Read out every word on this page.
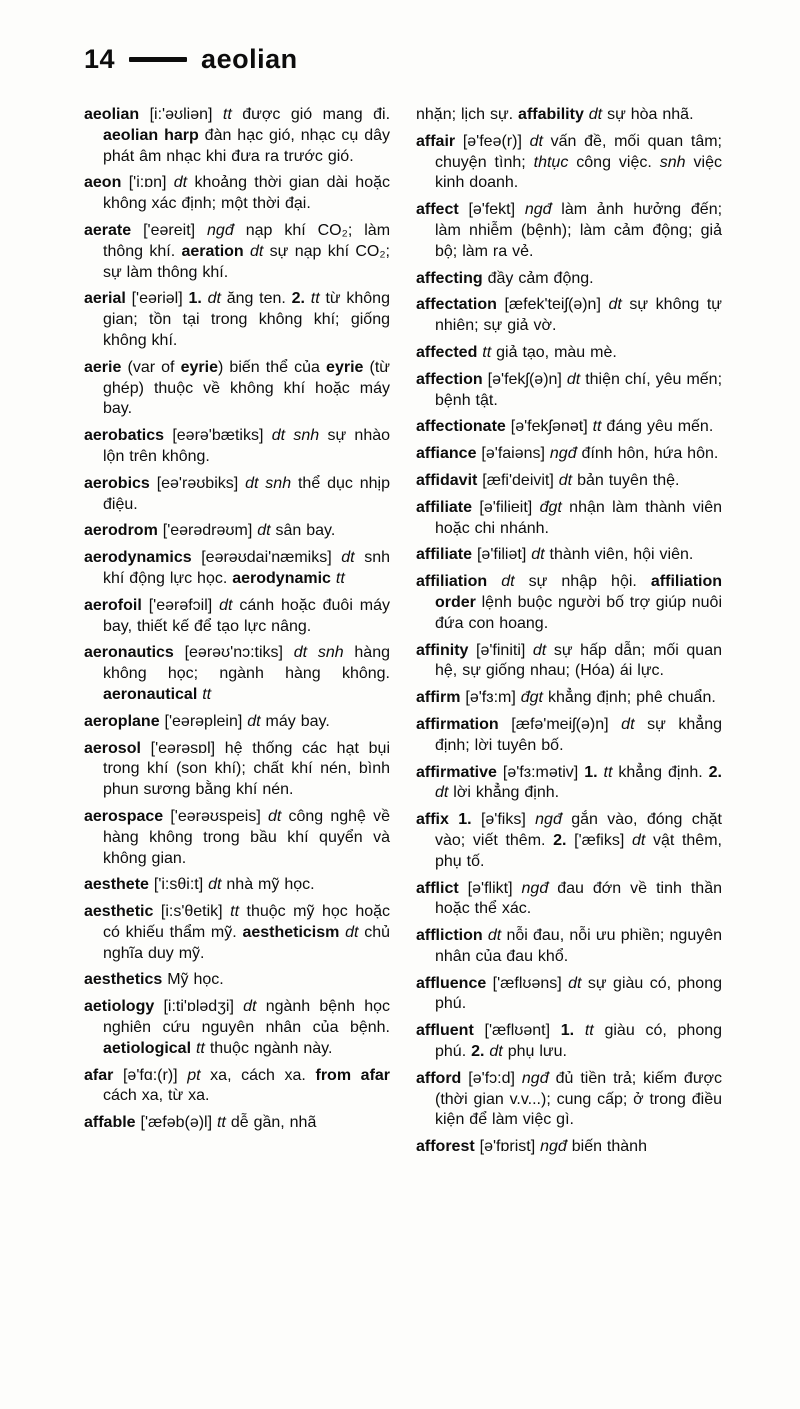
14	aeolian
aeolian [i:'əʊliən] tt được gió mang đi. aeolian harp đàn hạc gió, nhạc cụ dây phát âm nhạc khi đưa ra trước gió.
aeon ['i:ɒn] dt khoảng thời gian dài hoặc không xác định; một thời đại.
aerate ['eəreit] ngđ nạp khí CO₂; làm thông khí. aeration dt sự nạp khí CO₂; sự làm thông khí.
aerial ['eəriəl] 1. dt ăng ten. 2. tt từ không gian; tồn tại trong không khí; giống không khí.
aerie (var of eyrie) biến thể của eyrie (từ ghép) thuộc về không khí hoặc máy bay.
aerobatics [eərə'bætiks] dt snh sự nhào lộn trên không.
aerobics [eə'rəʊbiks] dt snh thể dục nhịp điệu.
aerodrom ['eərədrəʊm] dt sân bay.
aerodynamics [eərəʊdai'næmiks] dt snh khí động lực học. aerodynamic tt
aerofoil ['eərəfɔil] dt cánh hoặc đuôi máy bay, thiết kế để tạo lực nâng.
aeronautics [eərəʊ'nɔ:tiks] dt snh hàng không học; ngành hàng không. aeronautical tt
aeroplane ['eərəplein] dt máy bay.
aerosol ['eərəsɒl] hệ thống các hạt bụi trong khí (son khí); chất khí nén, bình phun sương bằng khí nén.
aerospace ['eərəʊspeis] dt công nghệ về hàng không trong bầu khí quyển và không gian.
aesthete ['i:sθi:t] dt nhà mỹ học.
aesthetic [i:s'θetik] tt thuộc mỹ học hoặc có khiếu thẩm mỹ. aestheticism dt chủ nghĩa duy mỹ.
aesthetics Mỹ học.
aetiology [i:ti'ɒlədʒi] dt ngành bệnh học nghiên cứu nguyên nhân của bệnh. aetiological tt thuộc ngành này.
afar [ə'fɑ:(r)] pt xa, cách xa. from afar cách xa, từ xa.
affable ['æfəb(ə)l] tt dễ gần, nhã
nhặn; lịch sự. affability dt sự hòa nhã.
affair [ə'feə(r)] dt vấn đề, mối quan tâm; chuyện tình; thtục công việc. snh việc kinh doanh.
affect [ə'fekt] ngđ làm ảnh hưởng đến; làm nhiễm (bệnh); làm cảm động; giả bộ; làm ra vẻ.
affecting đầy cảm động.
affectation [æfek'teiʃ(ə)n] dt sự không tự nhiên; sự giả vờ.
affected tt giả tạo, màu mè.
affection [ə'fekʃ(ə)n] dt thiện chí, yêu mến; bệnh tật.
affectionate [ə'fekʃənət] tt đáng yêu mến.
affiance [ə'faiəns] ngđ đính hôn, hứa hôn.
affidavit [æfi'deivit] dt bản tuyên thệ.
affiliate [ə'filieit] đgt nhận làm thành viên hoặc chi nhánh.
affiliate [ə'filiət] dt thành viên, hội viên.
affiliation dt sự nhập hội. affiliation order lệnh buộc người bố trợ giúp nuôi đứa con hoang.
affinity [ə'finiti] dt sự hấp dẫn; mối quan hệ, sự giống nhau; (Hóa) ái lực.
affirm [ə'fɜ:m] đgt khẳng định; phê chuẩn.
affirmation [æfə'meiʃ(ə)n] dt sự khẳng định; lời tuyên bố.
affirmative [ə'fɜ:mətiv] 1. tt khẳng định. 2. dt lời khẳng định.
affix 1. [ə'fiks] ngđ gắn vào, đóng chặt vào; viết thêm. 2. ['æfiks] dt vật thêm, phụ tố.
afflict [ə'flikt] ngđ đau đớn về tinh thần hoặc thể xác.
affliction dt nỗi đau, nỗi ưu phiền; nguyên nhân của đau khổ.
affluence ['æflʊəns] dt sự giàu có, phong phú.
affluent ['æflʊənt] 1. tt giàu có, phong phú. 2. dt phụ lưu.
afford [ə'fɔ:d] ngđ đủ tiền trả; kiếm được (thời gian v.v...); cung cấp; ở trong điều kiện để làm việc gì.
afforest [ə'fɒrist] ngđ biến thành
